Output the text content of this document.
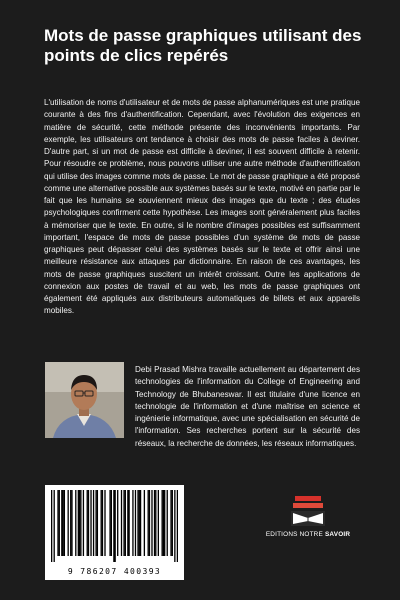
Mots de passe graphiques utilisant des points de clics repérés

L'utilisation de noms d'utilisateur et de mots de passe alphanumériques est une pratique courante à des fins d'authentification. Cependant, avec l'évolution des exigences en matière de sécurité, cette méthode présente des inconvénients importants. Par exemple, les utilisateurs ont tendance à choisir des mots de passe faciles à deviner. D'autre part, si un mot de passe est difficile à deviner, il est souvent difficile à retenir. Pour résoudre ce problème, nous pouvons utiliser une autre méthode d'authentification qui utilise des images comme mots de passe. Le mot de passe graphique a été proposé comme une alternative possible aux systèmes basés sur le texte, motivé en partie par le fait que les humains se souviennent mieux des images que du texte ; des études psychologiques confirment cette hypothèse. Les images sont généralement plus faciles à mémoriser que le texte. En outre, si le nombre d'images possibles est suffisamment important, l'espace de mots de passe possibles d'un système de mots de passe graphiques peut dépasser celui des systèmes basés sur le texte et offrir ainsi une meilleure résistance aux attaques par dictionnaire. En raison de ces avantages, les mots de passe graphiques suscitent un intérêt croissant. Outre les applications de connexion aux postes de travail et au web, les mots de passe graphiques ont également été appliqués aux distributeurs automatiques de billets et aux appareils mobiles.

Debi Prasad Mishra travaille actuellement au département des technologies de l'information du College of Engineering and Technology de Bhubaneswar. Il est titulaire d'une licence en technologie de l'information et d'une maîtrise en science et ingénierie informatique, avec une spécialisation en sécurité de l'information. Ses recherches portent sur la sécurité des réseaux, la recherche de données, les réseaux informatiques.

9 786207 400393
EDITIONS NOTRE SAVOIR
